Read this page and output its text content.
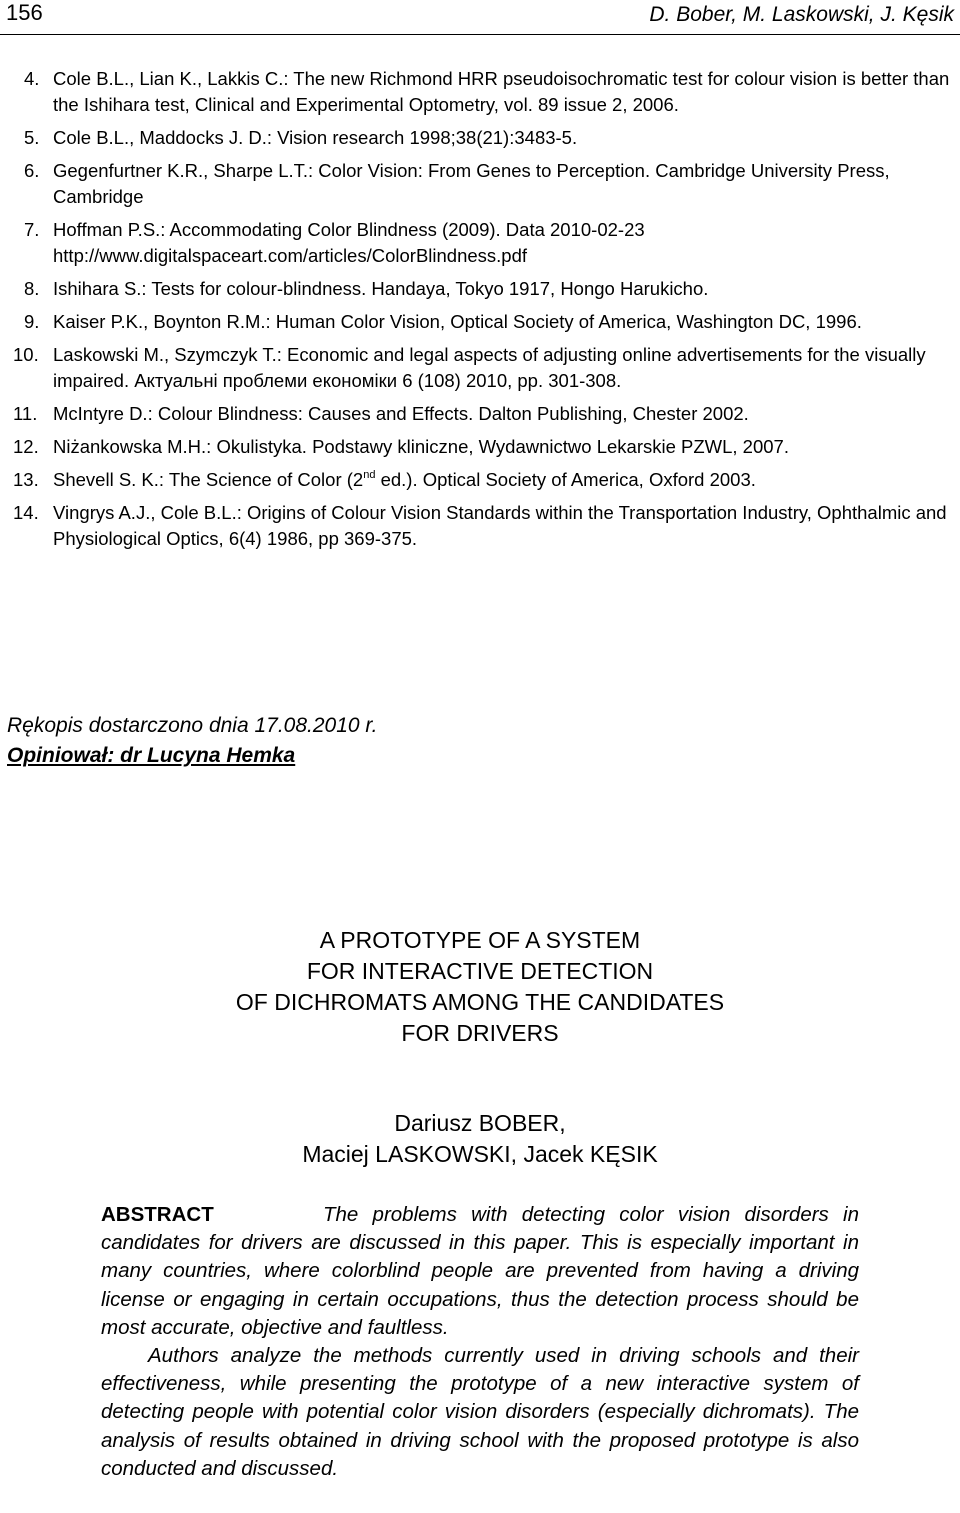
156	D. Bober, M. Laskowski, J. Kęsik
4. Cole B.L., Lian K., Lakkis C.: The new Richmond HRR pseudoisochromatic test for colour vision is better than the Ishihara test, Clinical and Experimental Optometry, vol. 89 issue 2, 2006.
5. Cole B.L., Maddocks J. D.: Vision research 1998;38(21):3483-5.
6. Gegenfurtner K.R., Sharpe L.T.: Color Vision: From Genes to Perception. Cambridge University Press, Cambridge
7. Hoffman P.S.: Accommodating Color Blindness (2009). Data 2010-02-23 http://www.digitalspaceart.com/articles/ColorBlindness.pdf
8. Ishihara S.: Tests for colour-blindness. Handaya, Tokyo 1917, Hongo Harukicho.
9. Kaiser P.K., Boynton R.M.: Human Color Vision, Optical Society of America, Washington DC, 1996.
10. Laskowski M., Szymczyk T.: Economic and legal aspects of adjusting online advertisements for the visually impaired. Актуальні проблеми економіки 6 (108) 2010, pp. 301-308.
11. McIntyre D.: Colour Blindness: Causes and Effects. Dalton Publishing, Chester 2002.
12. Niżankowska M.H.: Okulistyka. Podstawy kliniczne, Wydawnictwo Lekarskie PZWL, 2007.
13. Shevell S. K.: The Science of Color (2nd ed.). Optical Society of America, Oxford 2003.
14. Vingrys A.J., Cole B.L.: Origins of Colour Vision Standards within the Transportation Industry, Ophthalmic and Physiological Optics, 6(4) 1986, pp 369-375.
Rękopis dostarczono dnia 17.08.2010 r.
Opiniował: dr Lucyna Hemka
A PROTOTYPE OF A SYSTEM
FOR INTERACTIVE DETECTION
OF DICHROMATS AMONG THE CANDIDATES
FOR DRIVERS
Dariusz BOBER,
Maciej LASKOWSKI, Jacek KĘSIK

ABSTRACT	The problems with detecting color vision disorders in candidates for drivers are discussed in this paper. This is especially important in many countries, where colorblind people are prevented from having a driving license or engaging in certain occupations, thus the detection process should be most accurate, objective and faultless.

Authors analyze the methods currently used in driving schools and their effectiveness, while presenting the prototype of a new interactive system of detecting people with potential color vision disorders (especially dichromats). The analysis of results obtained in driving school with the proposed prototype is also conducted and discussed.
